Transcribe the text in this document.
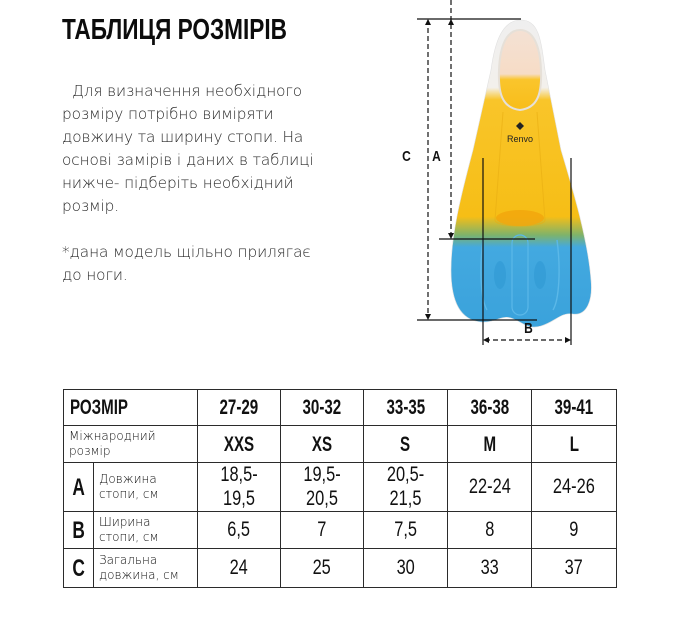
ТАБЛИЦЯ РОЗМІРІВ

Для визначення необхідного
розміру потрібно виміряти
довжину та ширину стопи. На
основі замірів і даних в таблиці
нижче- підберіть необхідний
розмір.

*дана модель щільно прилягає
до ноги.

Renvo
C A
B
РОЗМІР		27-29	30-32	33-35	36-38	39-41
Міжнародний
розмір		XXS	XS	S	M	L
A	Довжина
стопи, см	18,5-19,5	19,5-20,5	20,5-21,5	22-24	24-26
B	Ширина
стопи, см	6,5	7	7,5	8	9
C	Загальна
довжина, см	24	25	30	33	37
